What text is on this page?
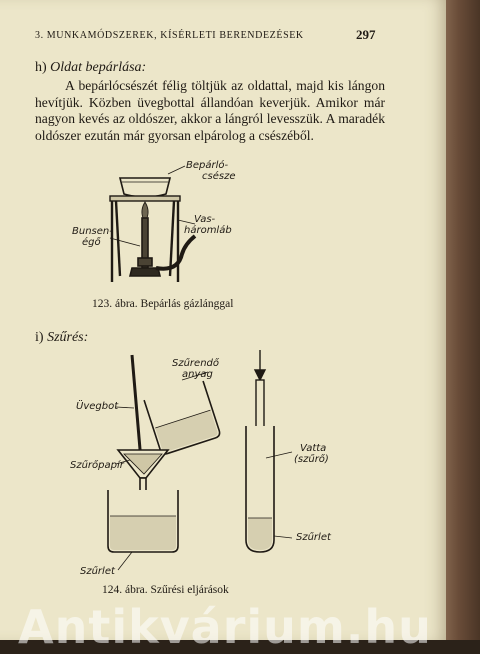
3. MUNKAMÓDSZEREK, KÍSÉRLETI BERENDEZÉSEK	297
h) Oldat bepárlása:
A bepárlócsészét félig töltjük az oldattal, majd kis lángon hevítjük. Közben üvegbottal állandóan keverjük. Amikor már nagyon kevés az oldószer, akkor a lángról levesszük. A maradék oldószer ezután már gyorsan elpárolog a csészéből.
Bepárló-
csésze
Vas-
háromláb
Bunsen-
égő
123. ábra. Bepárlás gázlánggal
i) Szűrés:
Szűrendő
anyag
Üvegbot
Szűrőpapír
Szűrlet
Vatta
(szűrő)
Szűrlet
124. ábra. Szűrési eljárások
Antikvárium.hu
